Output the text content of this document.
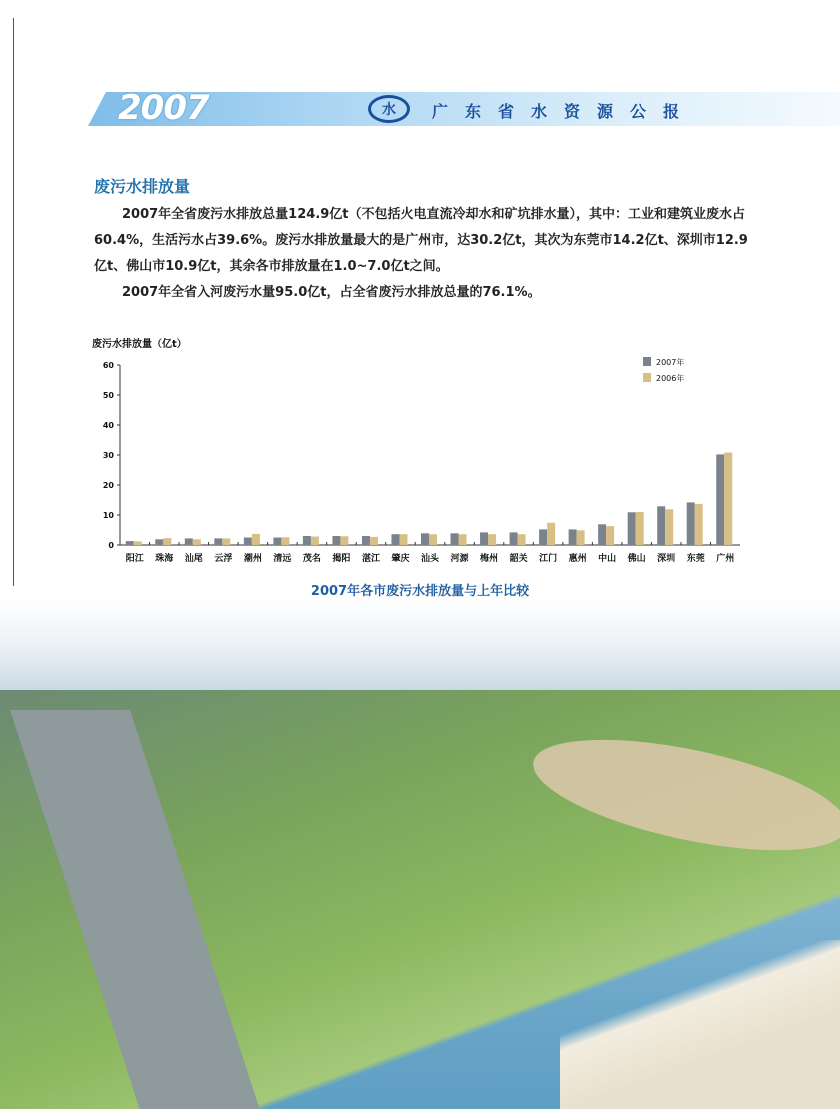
2007	水 广东省水资源公报
废污水排放量

2007年全省废污水排放总量124.9亿t（不包括火电直流冷却水和矿坑排水量），其中：工业和建筑业废水占60.4%，生活污水占39.6%。废污水排放量最大的是广州市，达30.2亿t，其次为东莞市14.2亿t、深圳市12.9亿t、佛山市10.9亿t，其余各市排放量在1.0~7.0亿t之间。

2007年全省入河废污水量95.0亿t，占全省废污水排放总量的76.1%。

废污水排放量（亿t）
0
10
20
30
40
50
60
阳江 珠海 汕尾 云浮 潮州 清远 茂名 揭阳 湛江 肇庆 汕头 河源 梅州 韶关 江门 惠州 中山 佛山 深圳 东莞 广州
2007年
2006年
2007年各市废污水排放量与上年比较
